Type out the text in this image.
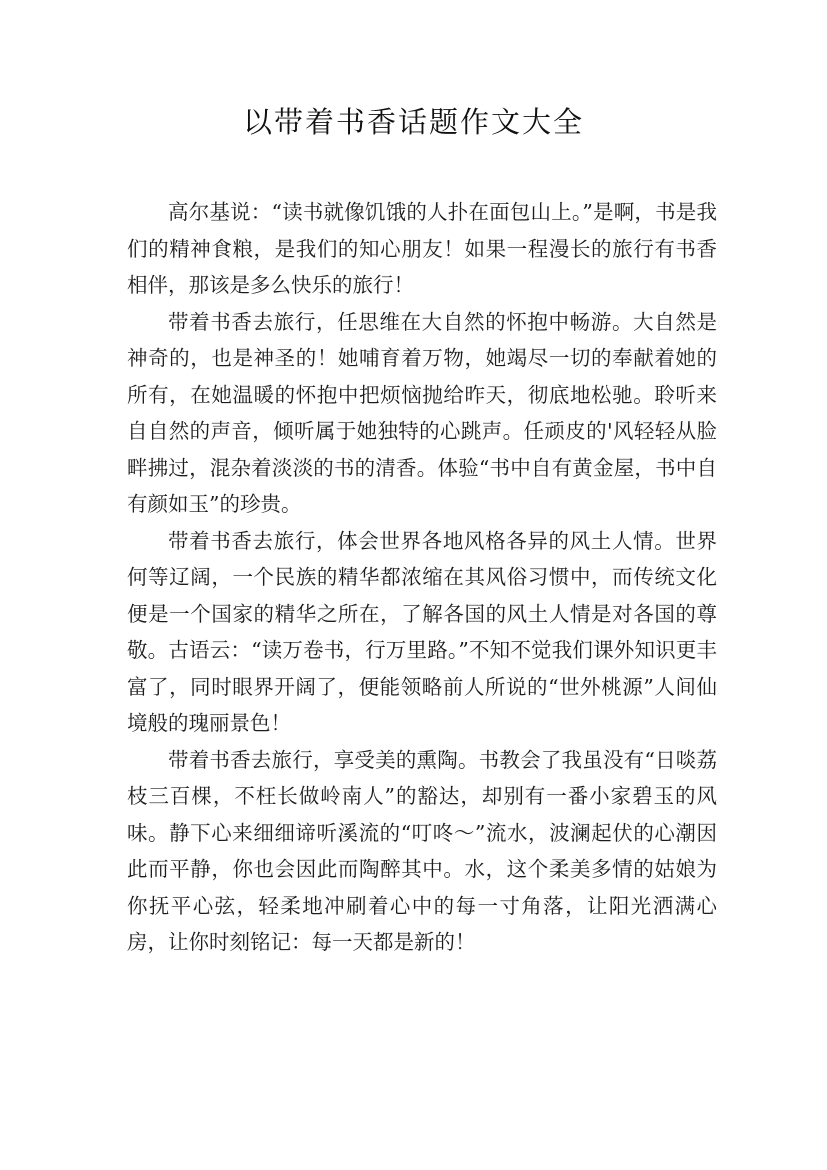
以带着书香话题作文大全

高尔基说：“读书就像饥饿的人扑在面包山上。”是啊，书是我们的精神食粮，是我们的知心朋友！如果一程漫长的旅行有书香相伴，那该是多么快乐的旅行！

带着书香去旅行，任思维在大自然的怀抱中畅游。大自然是神奇的，也是神圣的！她哺育着万物，她竭尽一切的奉献着她的所有，在她温暖的怀抱中把烦恼抛给昨天，彻底地松驰。聆听来自自然的声音，倾听属于她独特的心跳声。任顽皮的'风轻轻从脸畔拂过，混杂着淡淡的书的清香。体验“书中自有黄金屋，书中自有颜如玉”的珍贵。

带着书香去旅行，体会世界各地风格各异的风土人情。世界何等辽阔，一个民族的精华都浓缩在其风俗习惯中，而传统文化便是一个国家的精华之所在，了解各国的风土人情是对各国的尊敬。古语云：“读万卷书，行万里路。”不知不觉我们课外知识更丰富了，同时眼界开阔了，便能领略前人所说的“世外桃源”人间仙境般的瑰丽景色！

带着书香去旅行，享受美的熏陶。书教会了我虽没有“日啖荔枝三百棵，不枉长做岭南人”的豁达，却别有一番小家碧玉的风味。静下心来细细谛听溪流的“叮咚～”流水，波澜起伏的心潮因此而平静，你也会因此而陶醉其中。水，这个柔美多情的姑娘为你抚平心弦，轻柔地冲刷着心中的每一寸角落，让阳光洒满心房，让你时刻铭记：每一天都是新的！
